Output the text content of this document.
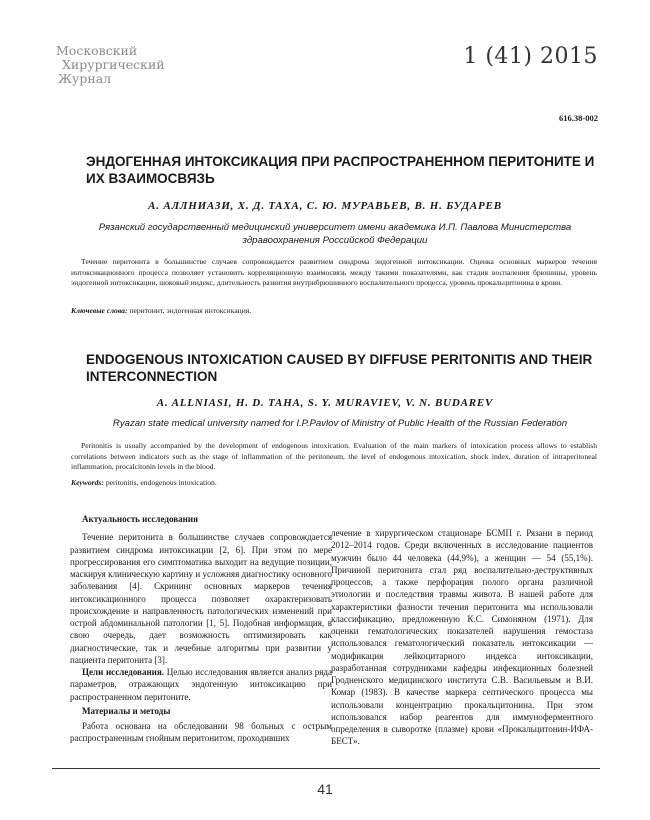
Московский
Хирургический
Журнал
1 (41) 2015
616.38-002
ЭНДОГЕННАЯ ИНТОКСИКАЦИЯ ПРИ РАСПРОСТРАНЕННОМ ПЕРИТОНИТЕ И ИХ ВЗАИМОСВЯЗЬ
А. АЛЛНИАЗИ, Х. Д. ТАХА, С. Ю. МУРАВЬЕВ, В. Н. БУДАРЕВ
Рязанский государственный медицинский университет имени академика И.П. Павлова Министерства здравоохранения Российской Федерации
Течение перитонита в большинстве случаев сопровождается развитием синдрома эндогенной интоксикации. Оценка основных маркеров течения интоксикационного процесса позволяет установить корреляционную взаимосвязь между такими показателями, как стадия воспаления брюшины, уровень эндогенной интоксикации, шоковый индекс, длительность развития внутрибрюшинного воспалительного процесса, уровень прокальцитонина в крови.
Ключевые слова: перитонит, эндогенная интоксикация.
ENDOGENOUS INTOXICATION CAUSED BY DIFFUSE PERITONITIS AND THEIR INTERCONNECTION
A. ALLNIASI, H. D. TAHA, S. Y. MURAVIEV, V. N. BUDAREV
Ryazan state medical university named for I.P.Pavlov of Ministry of Public Health of the Russian Federation
Peritonitis is usually accompanied by the development of endogenous intoxication. Evaluation of the main markers of intoxication process allows to establish correlations between indicators such as the stage of inflammation of the peritoneum, the level of endogenous intoxication, shock index, duration of intraperitoneal inflammation, procalcitonin levels in the blood.
Keywords: peritonitis, endogenous intoxication.
Актуальность исследования

Течение перитонита в большинстве случаев сопровождается развитием синдрома интоксикации [2, 6]. При этом по мере прогрессирования его симптоматика выходит на ведущие позиции, маскируя клиническую картину и усложняя диагностику основного заболевания [4]. Скрининг основных маркеров течения интоксикационного процесса позволяет охарактеризовать происхождение и направленность патологических изменений при острой абдоминальной патологии [1, 5]. Подобная информация, в свою очередь, дает возможность оптимизировать как диагностические, так и лечебные алгоритмы при развитии у пациента перитонита [3].

Цели исследования. Целью исследования является анализ ряда параметров, отражающих эндогенную интоксикацию при распространенном перитоните.

Материалы и методы

Работа основана на обследовании 98 больных с острым распространенным гнойным перитонитом, проходивших

лечение в хирургическом стационаре БСМП г. Рязани в период 2012–2014 годов. Среди включенных в исследование пациентов мужчин было 44 человека (44,9%), а женщин — 54 (55,1%). Причиной перитонита стал ряд воспалительно-деструктивных процессов, а также перфорация полого органа различной этиологии и последствия травмы живота. В нашей работе для характеристики фазности течения перитонита мы использовали классификацию, предложенную К.С. Симоняном (1971). Для оценки гематологических показателей нарушения гемостаза использовался гематологический показатель интоксикации — модификация лейкоцитарного индекса интоксикации, разработанная сотрудниками кафедры инфекционных болезней Гродненского медицинского института С.В. Васильевым и В.И. Комар (1983). В качестве маркера септического процесса мы использовали концентрацию прокальцитонина. При этом использовался набор реагентов для иммуноферментного определения в сыворотке (плазме) крови «Прокальцитонин-ИФА-БЕСТ».

41
